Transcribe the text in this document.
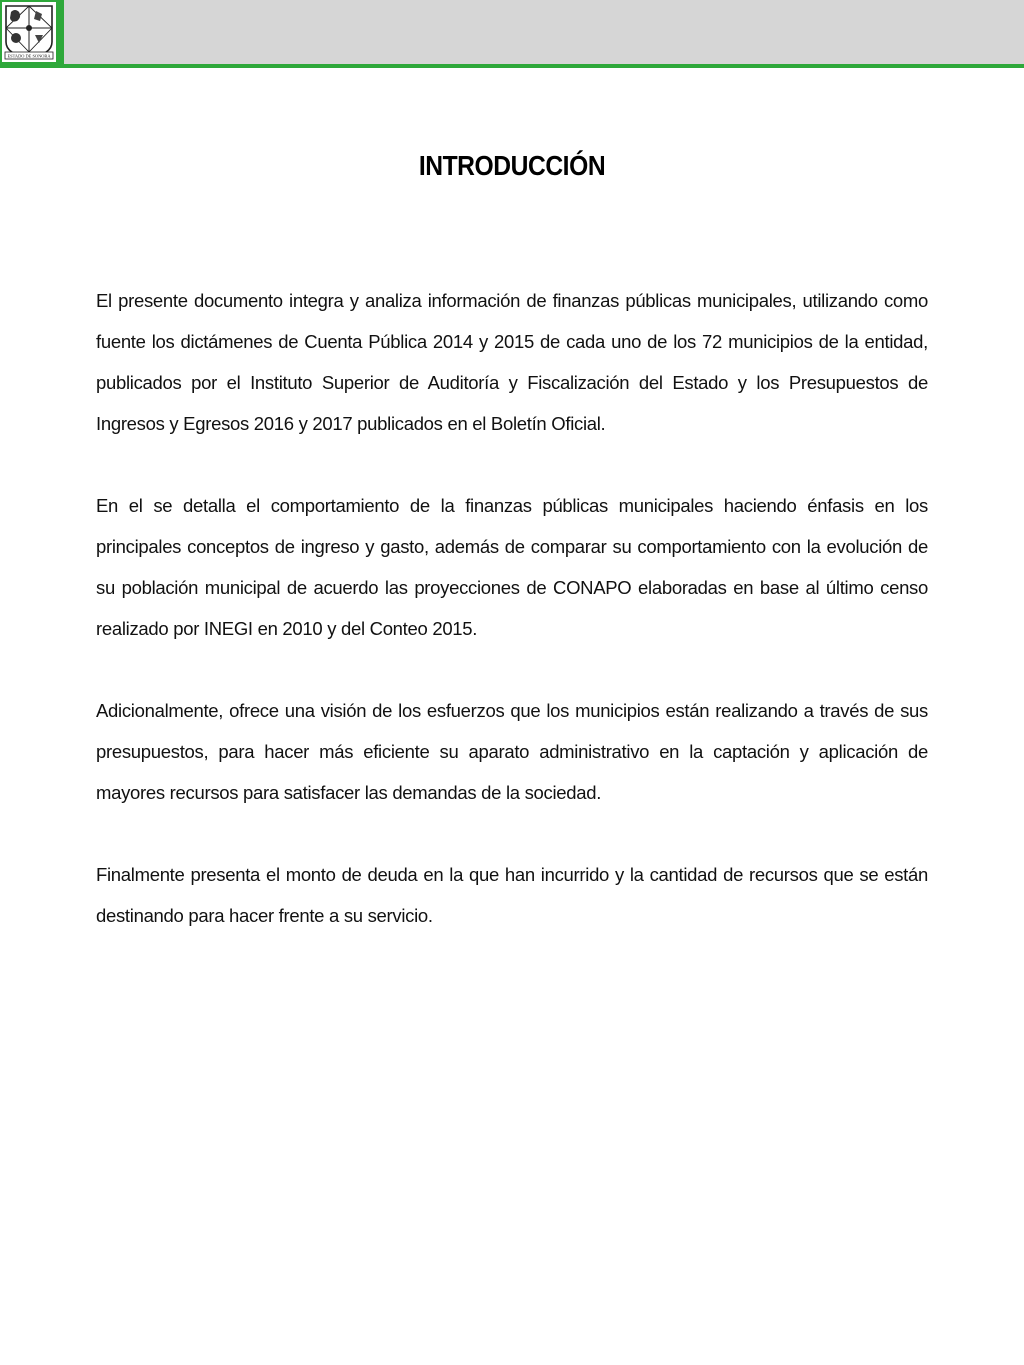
ESTADO DE SONORA
INTRODUCCIÓN

El presente documento integra y analiza información de finanzas públicas municipales, utilizando como fuente los dictámenes de Cuenta Pública 2014 y 2015 de cada uno de los 72 municipios de la entidad, publicados por el Instituto Superior de Auditoría y Fiscalización del Estado y los Presupuestos de Ingresos y Egresos 2016 y 2017 publicados en el Boletín Oficial.

En el se detalla el comportamiento de la finanzas públicas municipales haciendo énfasis en los principales conceptos de ingreso y gasto, además de comparar su comportamiento con la evolución de su población municipal de acuerdo las proyecciones de CONAPO elaboradas en base al último censo realizado por INEGI en 2010 y del Conteo 2015.

Adicionalmente, ofrece una visión de los esfuerzos que los municipios están realizando a través de sus presupuestos, para hacer más eficiente su aparato administrativo en la captación y aplicación de mayores recursos para satisfacer las demandas de la sociedad.

Finalmente presenta el monto de deuda en la que han incurrido y la cantidad de recursos que se están destinando para hacer frente a su servicio.
